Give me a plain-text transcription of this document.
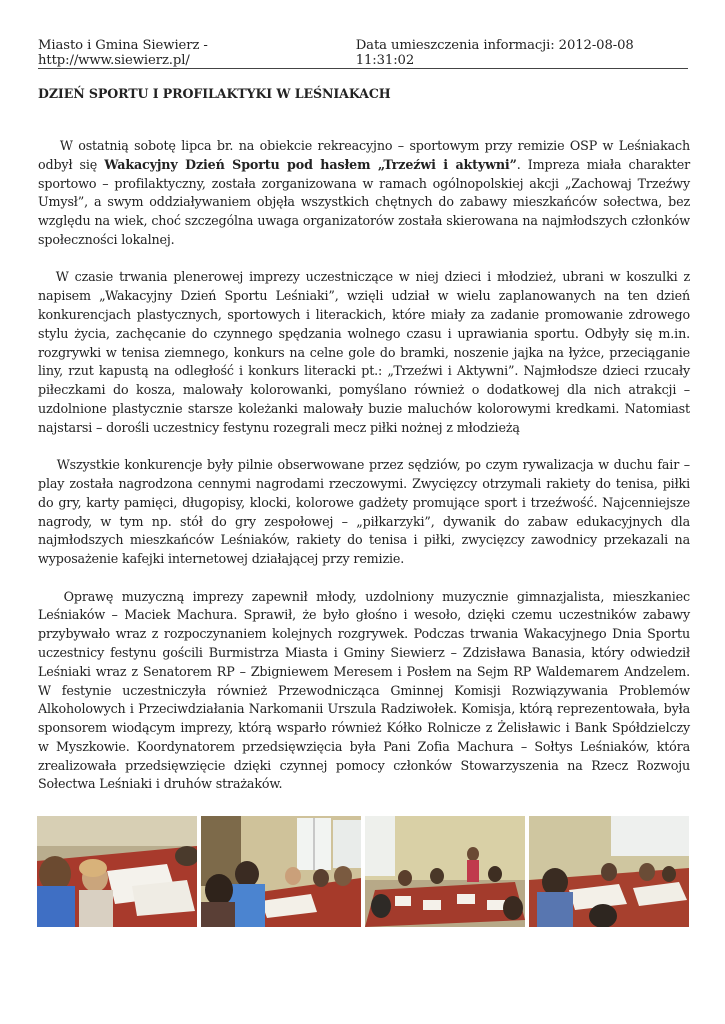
Miasto i Gmina Siewierz - http://www.siewierz.pl/
Data umieszczenia informacji: 2012-08-08 11:31:02
DZIEŃ SPORTU I PROFILAKTYKI W LEŚNIAKACH

W ostatnią sobotę lipca br. na obiekcie rekreacyjno – sportowym przy remizie OSP w Leśniakach odbył się Wakacyjny Dzień Sportu pod hasłem „Trzeźwi i aktywni”. Impreza miała charakter sportowo – profilaktyczny, została zorganizowana w ramach ogólnopolskiej akcji „Zachowaj Trzeźwy Umysł”, a swym oddziaływaniem objęła wszystkich chętnych do zabawy mieszkańców sołectwa, bez względu na wiek, choć szczególna uwaga organizatorów została skierowana na najmłodszych członków społeczności lokalnej.

W czasie trwania plenerowej imprezy uczestniczące w niej dzieci i młodzież, ubrani w koszulki z napisem „Wakacyjny Dzień Sportu Leśniaki”, wzięli udział w wielu zaplanowanych na ten dzień konkurencjach plastycznych, sportowych i literackich, które miały za zadanie promowanie zdrowego stylu życia, zachęcanie do czynnego spędzania wolnego czasu i uprawiania sportu. Odbyły się m.in. rozgrywki w tenisa ziemnego, konkurs na celne gole do bramki, noszenie jajka na łyżce, przeciąganie liny, rzut kapustą na odległość i konkurs literacki pt.: „Trzeźwi i Aktywni”. Najmłodsze dzieci rzucały piłeczkami do kosza, malowały kolorowanki, pomyślano również o dodatkowej dla nich atrakcji – uzdolnione plastycznie starsze koleżanki malowały buzie maluchów kolorowymi kredkami. Natomiast najstarsi – dorośli uczestnicy festynu rozegrali mecz piłki nożnej z młodzieżą

Wszystkie konkurencje były pilnie obserwowane przez sędziów, po czym rywalizacja w duchu fair – play została nagrodzona cennymi nagrodami rzeczowymi. Zwycięzcy otrzymali rakiety do tenisa, piłki do gry, karty pamięci, długopisy, klocki, kolorowe gadżety promujące sport i trzeźwość. Najcenniejsze nagrody, w tym np. stół do gry zespołowej – „piłkarzyki”, dywanik do zabaw edukacyjnych dla najmłodszych mieszkańców Leśniaków, rakiety do tenisa i piłki, zwycięzcy zawodnicy przekazali na wyposażenie kafejki internetowej działającej przy remizie.

Oprawę muzyczną imprezy zapewnił młody, uzdolniony muzycznie gimnazjalista, mieszkaniec Leśniaków – Maciek Machura. Sprawił, że było głośno i wesoło, dzięki czemu uczestników zabawy przybywało wraz z rozpoczynaniem kolejnych rozgrywek. Podczas trwania Wakacyjnego Dnia Sportu uczestnicy festynu gościli Burmistrza Miasta i Gminy Siewierz – Zdzisława Banasia, który odwiedził Leśniaki wraz z Senatorem RP – Zbigniewem Meresem i Posłem na Sejm RP Waldemarem Andzelem. W festynie uczestniczyła również Przewodnicząca Gminnej Komisji Rozwiązywania Problemów Alkoholowych i Przeciwdziałania Narkomanii Urszula Radziwołek. Komisja, którą reprezentowała, była sponsorem wiodącym imprezy, którą wsparło również Kółko Rolnicze z Żelisławic i Bank Spółdzielczy w Myszkowie. Koordynatorem przedsięwzięcia była Pani Zofia Machura – Sołtys Leśniaków, która zrealizowała przedsięwzięcie dzięki czynnej pomocy członków Stowarzyszenia na Rzecz Rozwoju Sołectwa Leśniaki i druhów strażaków.
